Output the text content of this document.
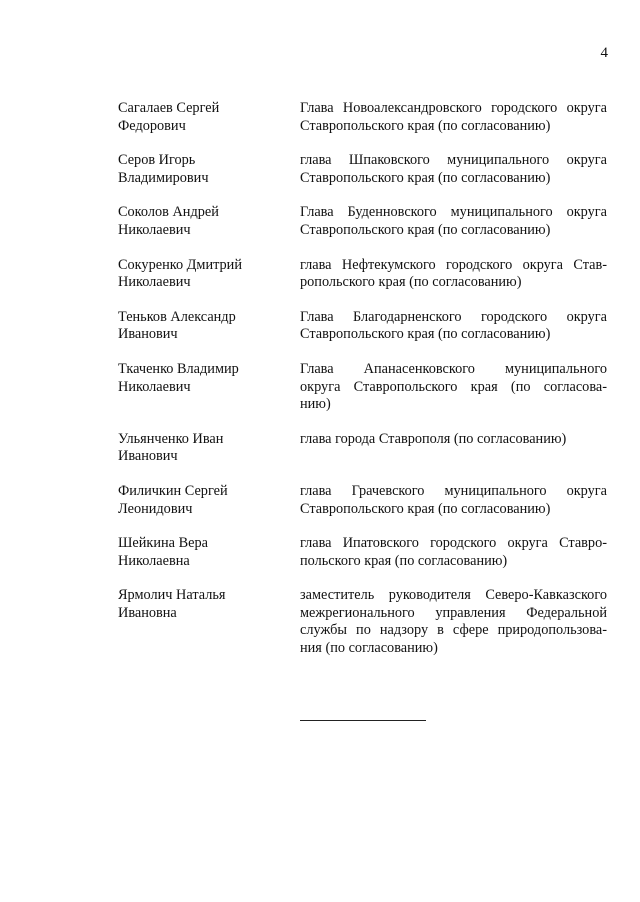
4
Сагалаев Сергей
Федорович
Глава Новоалександровского городского округа
Ставропольского края (по согласованию)
Серов Игорь
Владимирович
глава Шпаковского муниципального округа
Ставропольского края (по согласованию)
Соколов Андрей
Николаевич
Глава Буденновского муниципального округа
Ставропольского края (по согласованию)
Сокуренко Дмитрий
Николаевич
глава Нефтекумского городского округа Став-
ропольского края (по согласованию)
Теньков Александр
Иванович
Глава Благодарненского городского округа
Ставропольского края (по согласованию)
Ткаченко Владимир
Николаевич
Глава Апанасенковского муниципального
округа Ставропольского края (по согласова-
нию)
Ульянченко Иван
Иванович
глава города Ставрополя (по согласованию)
Филичкин Сергей
Леонидович
глава Грачевского муниципального округа
Ставропольского края (по согласованию)
Шейкина Вера
Николаевна
глава Ипатовского городского округа Ставро-
польского края (по согласованию)
Ярмолич Наталья
Ивановна
заместитель руководителя Северо-Кавказского
межрегионального управления Федеральной
службы по надзору в сфере природопользова-
ния (по согласованию)
